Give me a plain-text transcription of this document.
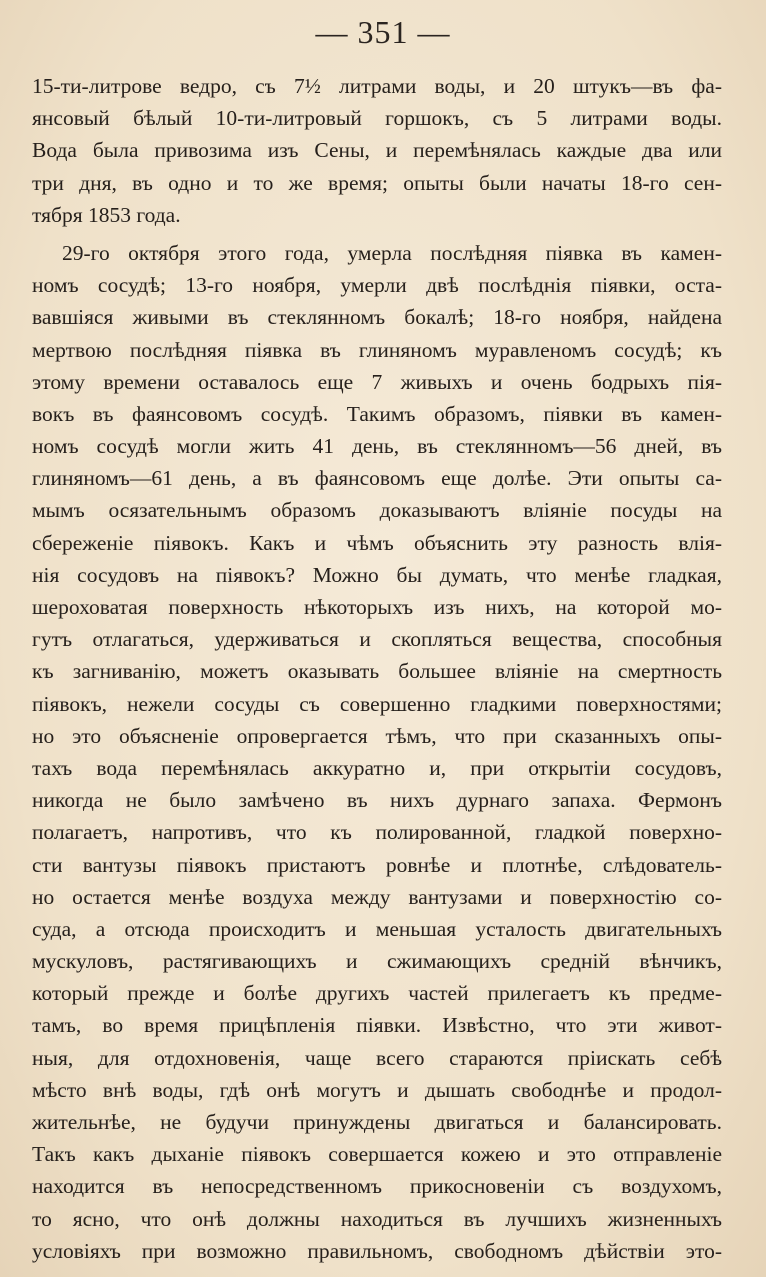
— 351 —
15-ти-литрове ведро, съ 7½ литрами воды, и 20 штукъ—въ фа-
янсовый бѣлый 10-ти-литровый горшокъ, съ 5 литрами воды.
Вода была привозима изъ Сены, и перемѣнялась каждые два или
три дня, въ одно и то же время; опыты были начаты 18-го сен-
тября 1853 года.
29-го октября этого года, умерла послѣдняя піявка въ камен-
номъ сосудѣ; 13-го ноября, умерли двѣ послѣднія піявки, оста-
вавшіяся живыми въ стеклянномъ бокалѣ; 18-го ноября, найдена
мертвою послѣдняя піявка въ глиняномъ муравленомъ сосудѣ; къ
этому времени оставалось еще 7 живыхъ и очень бодрыхъ пія-
вокъ въ фаянсовомъ сосудѣ. Такимъ образомъ, піявки въ камен-
номъ сосудѣ могли жить 41 день, въ стеклянномъ—56 дней, въ
глиняномъ—61 день, а въ фаянсовомъ еще долѣе. Эти опыты са-
мымъ осязательнымъ образомъ доказываютъ вліяніе посуды на
сбереженіе піявокъ. Какъ и чѣмъ объяснить эту разность влія-
нія сосудовъ на піявокъ? Можно бы думать, что менѣе гладкая,
шероховатая поверхность нѣкоторыхъ изъ нихъ, на которой мо-
гутъ отлагаться, удерживаться и скопляться вещества, способныя
къ загниванію, можетъ оказывать большее вліяніе на смертность
піявокъ, нежели сосуды съ совершенно гладкими поверхностями;
но это объясненіе опровергается тѣмъ, что при сказанныхъ опы-
тахъ вода перемѣнялась аккуратно и, при открытіи сосудовъ,
никогда не было замѣчено въ нихъ дурнаго запаха. Фермонъ
полагаетъ, напротивъ, что къ полированной, гладкой поверхно-
сти вантузы піявокъ пристаютъ ровнѣе и плотнѣе, слѣдователь-
но остается менѣе воздуха между вантузами и поверхностію со-
суда, а отсюда происходитъ и меньшая усталость двигательныхъ
мускуловъ, растягивающихъ и сжимающихъ средній вѣнчикъ,
который прежде и болѣе другихъ частей прилегаетъ къ предме-
тамъ, во время прицѣпленія піявки. Извѣстно, что эти живот-
ныя, для отдохновенія, чаще всего стараются пріискать себѣ
мѣсто внѣ воды, гдѣ онѣ могутъ и дышать свободнѣе и продол-
жительнѣе, не будучи принуждены двигаться и балансировать.
Такъ какъ дыханіе піявокъ совершается кожею и это отправленіе
находится въ непосредственномъ прикосновеніи съ воздухомъ,
то ясно, что онѣ должны находиться въ лучшихъ жизненныхъ
условіяхъ при возможно правильномъ, свободномъ дѣйствіи это-
